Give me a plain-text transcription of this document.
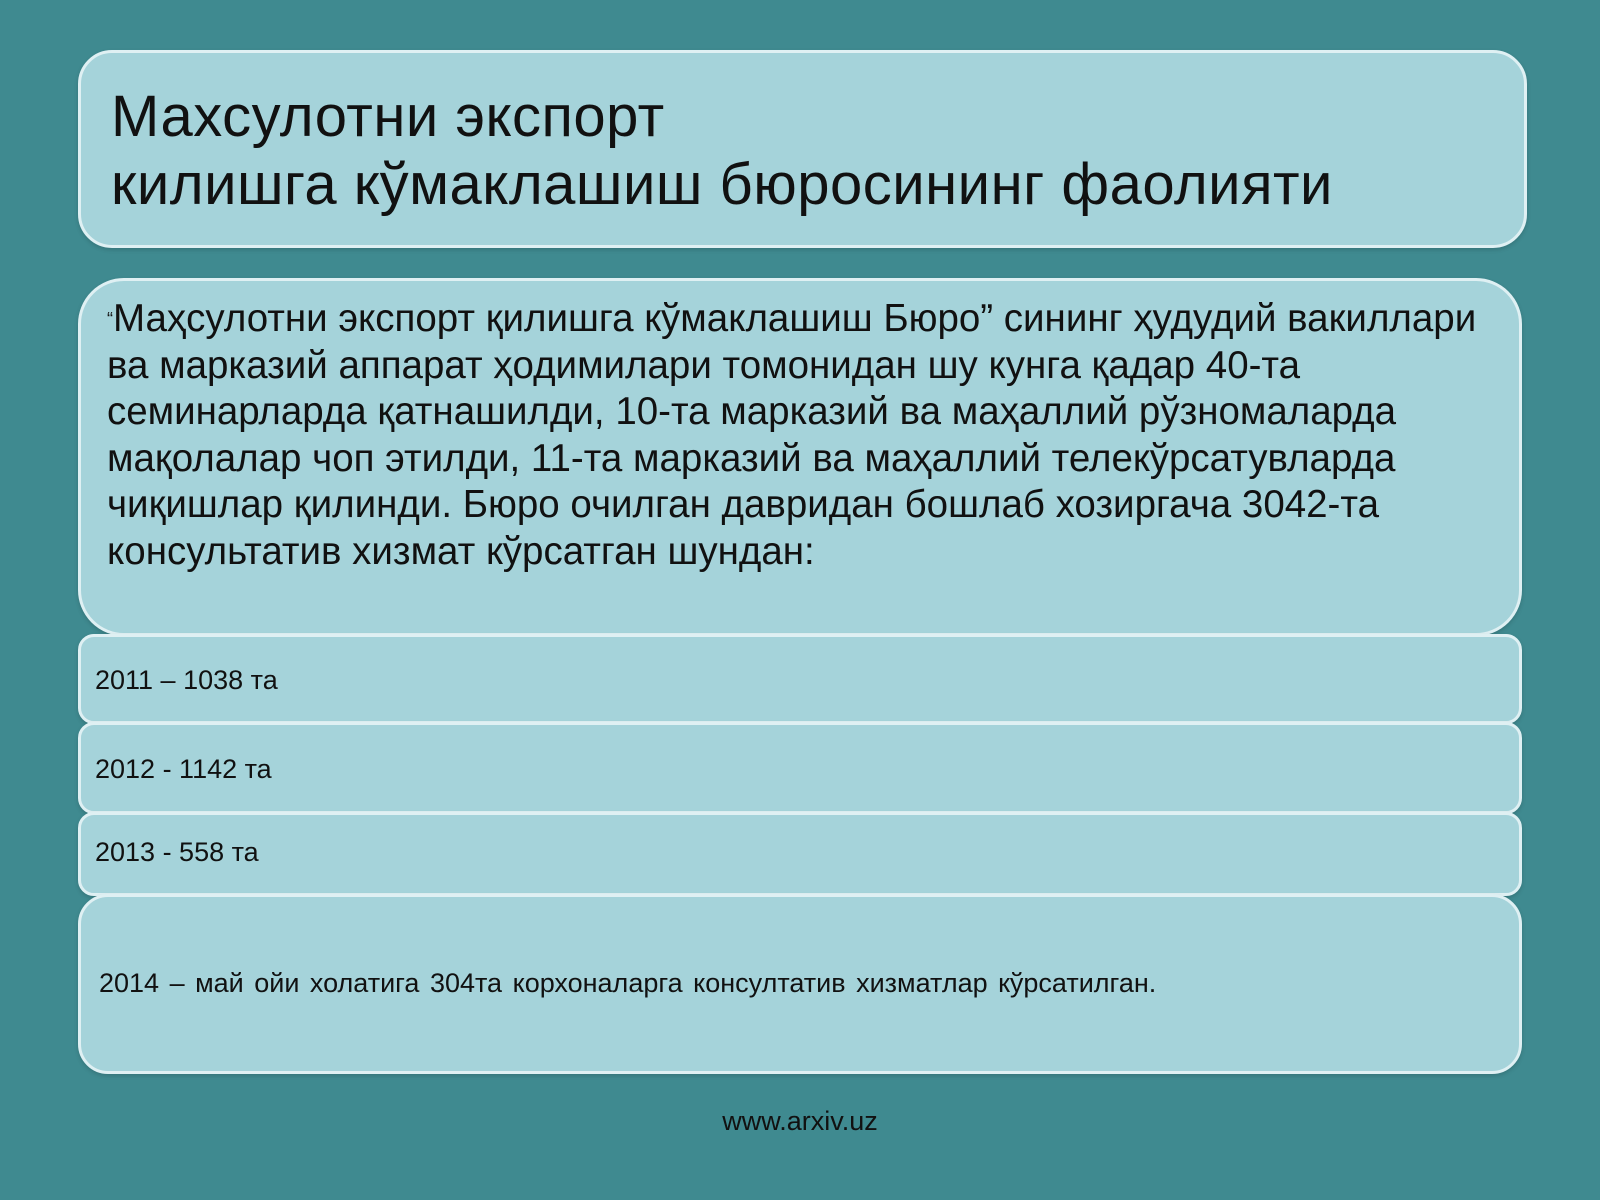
Махсулотни экспорт
килишга кўмаклашиш бюросининг фаолияти

“Маҳсулотни экспорт қилишга кўмаклашиш Бюро” сининг ҳудудий вакиллари ва марказий аппарат ҳодимилари томонидан шу кунга қадар 40-та семинарларда қатнашилди, 10-та марказий ва маҳаллий рўзномаларда мақолалар чоп этилди, 11-та марказий ва маҳаллий телекўрсатувларда чиқишлар қилинди. Бюро очилган давридан бошлаб хозиргача 3042-та консультатив хизмат кўрсатган шундан:

2011 – 1038 та

2012 - 1142 та

2013 - 558 та

2014 – май ойи холатига 304та корхоналарга консултатив хизматлар кўрсатилган.

www.arxiv.uz
